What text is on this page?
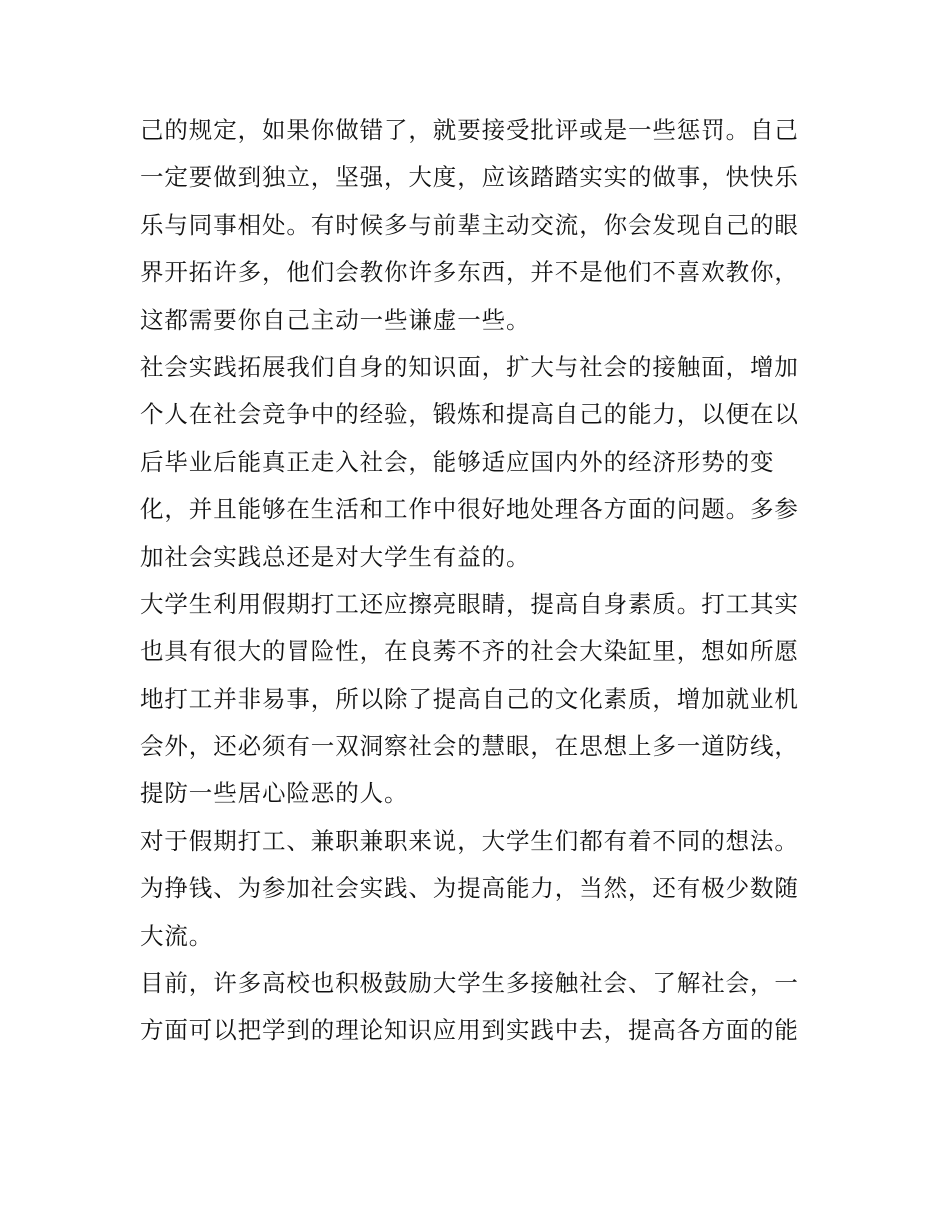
己的规定，如果你做错了，就要接受批评或是一些惩罚。自己
一定要做到独立，坚强，大度，应该踏踏实实的做事，快快乐
乐与同事相处。有时候多与前辈主动交流，你会发现自己的眼
界开拓许多，他们会教你许多东西，并不是他们不喜欢教你，
这都需要你自己主动一些谦虚一些。
社会实践拓展我们自身的知识面，扩大与社会的接触面，增加
个人在社会竞争中的经验，锻炼和提高自己的能力，以便在以
后毕业后能真正走入社会，能够适应国内外的经济形势的变
化，并且能够在生活和工作中很好地处理各方面的问题。多参
加社会实践总还是对大学生有益的。
大学生利用假期打工还应擦亮眼睛，提高自身素质。打工其实
也具有很大的冒险性，在良莠不齐的社会大染缸里，想如所愿
地打工并非易事，所以除了提高自己的文化素质，增加就业机
会外，还必须有一双洞察社会的慧眼，在思想上多一道防线，
提防一些居心险恶的人。
对于假期打工、兼职兼职来说，大学生们都有着不同的想法。
为挣钱、为参加社会实践、为提高能力，当然，还有极少数随
大流。
目前，许多高校也积极鼓励大学生多接触社会、了解社会，一
方面可以把学到的理论知识应用到实践中去，提高各方面的能
